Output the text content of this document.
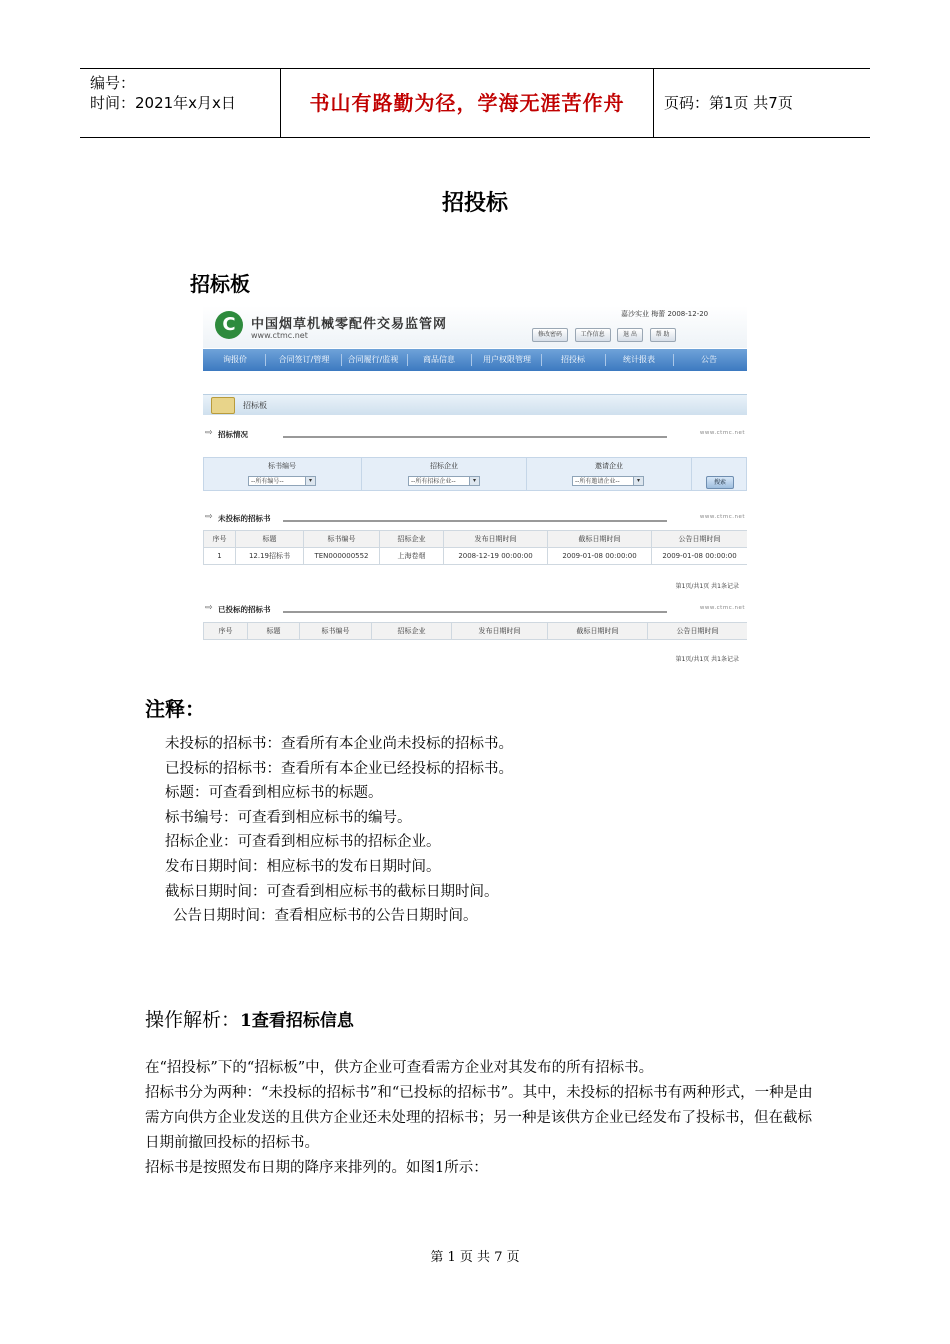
编号：
时间：2021年x月x日	书山有路勤为径，学海无涯苦作舟	页码：第1页 共7页
招投标
招标板
C	中国烟草机械零配件交易监管网
www.ctmc.net
嘉沙实业 梅蕾 2008-12-20
修改密码	工作信息	退 出	帮 助
询报价	合同签订/管理	合同履行/监视	商品信息	用户权限管理	招投标	统计报表	公告
招标板
⇨ 招标情况	www.ctmc.net
标书编号	招标企业	邀请企业
--所有编号--	▾	--所有招标企业--	▾	--所有邀请企业--	▾	搜索
⇨ 未投标的招标书	www.ctmc.net
序号	标题	标书编号	招标企业	发布日期时间	截标日期时间	公告日期时间
1	12.19招标书	TEN000000552	上海卷烟	2008-12-19 00:00:00	2009-01-08 00:00:00	2009-01-08 00:00:00
第1页/共1页 共1条记录
⇨ 已投标的招标书	www.ctmc.net
序号	标题	标书编号	招标企业	发布日期时间	截标日期时间	公告日期时间
第1页/共1页 共1条记录
注释：
未投标的招标书：查看所有本企业尚未投标的招标书。
已投标的招标书：查看所有本企业已经投标的招标书。
标题：可查看到相应标书的标题。
标书编号：可查看到相应标书的编号。
招标企业：可查看到相应标书的招标企业。
发布日期时间：相应标书的发布日期时间。
截标日期时间：可查看到相应标书的截标日期时间。
公告日期时间：查看相应标书的公告日期时间。
操作解析：1查看招标信息
在“招投标”下的“招标板”中，供方企业可查看需方企业对其发布的所有招标书。
招标书分为两种：“未投标的招标书”和“已投标的招标书”。其中，未投标的招标书有两种形式，一种是由需方向供方企业发送的且供方企业还未处理的招标书；另一种是该供方企业已经发布了投标书，但在截标日期前撤回投标的招标书。
招标书是按照发布日期的降序来排列的。如图1所示：
第 1 页 共 7 页
